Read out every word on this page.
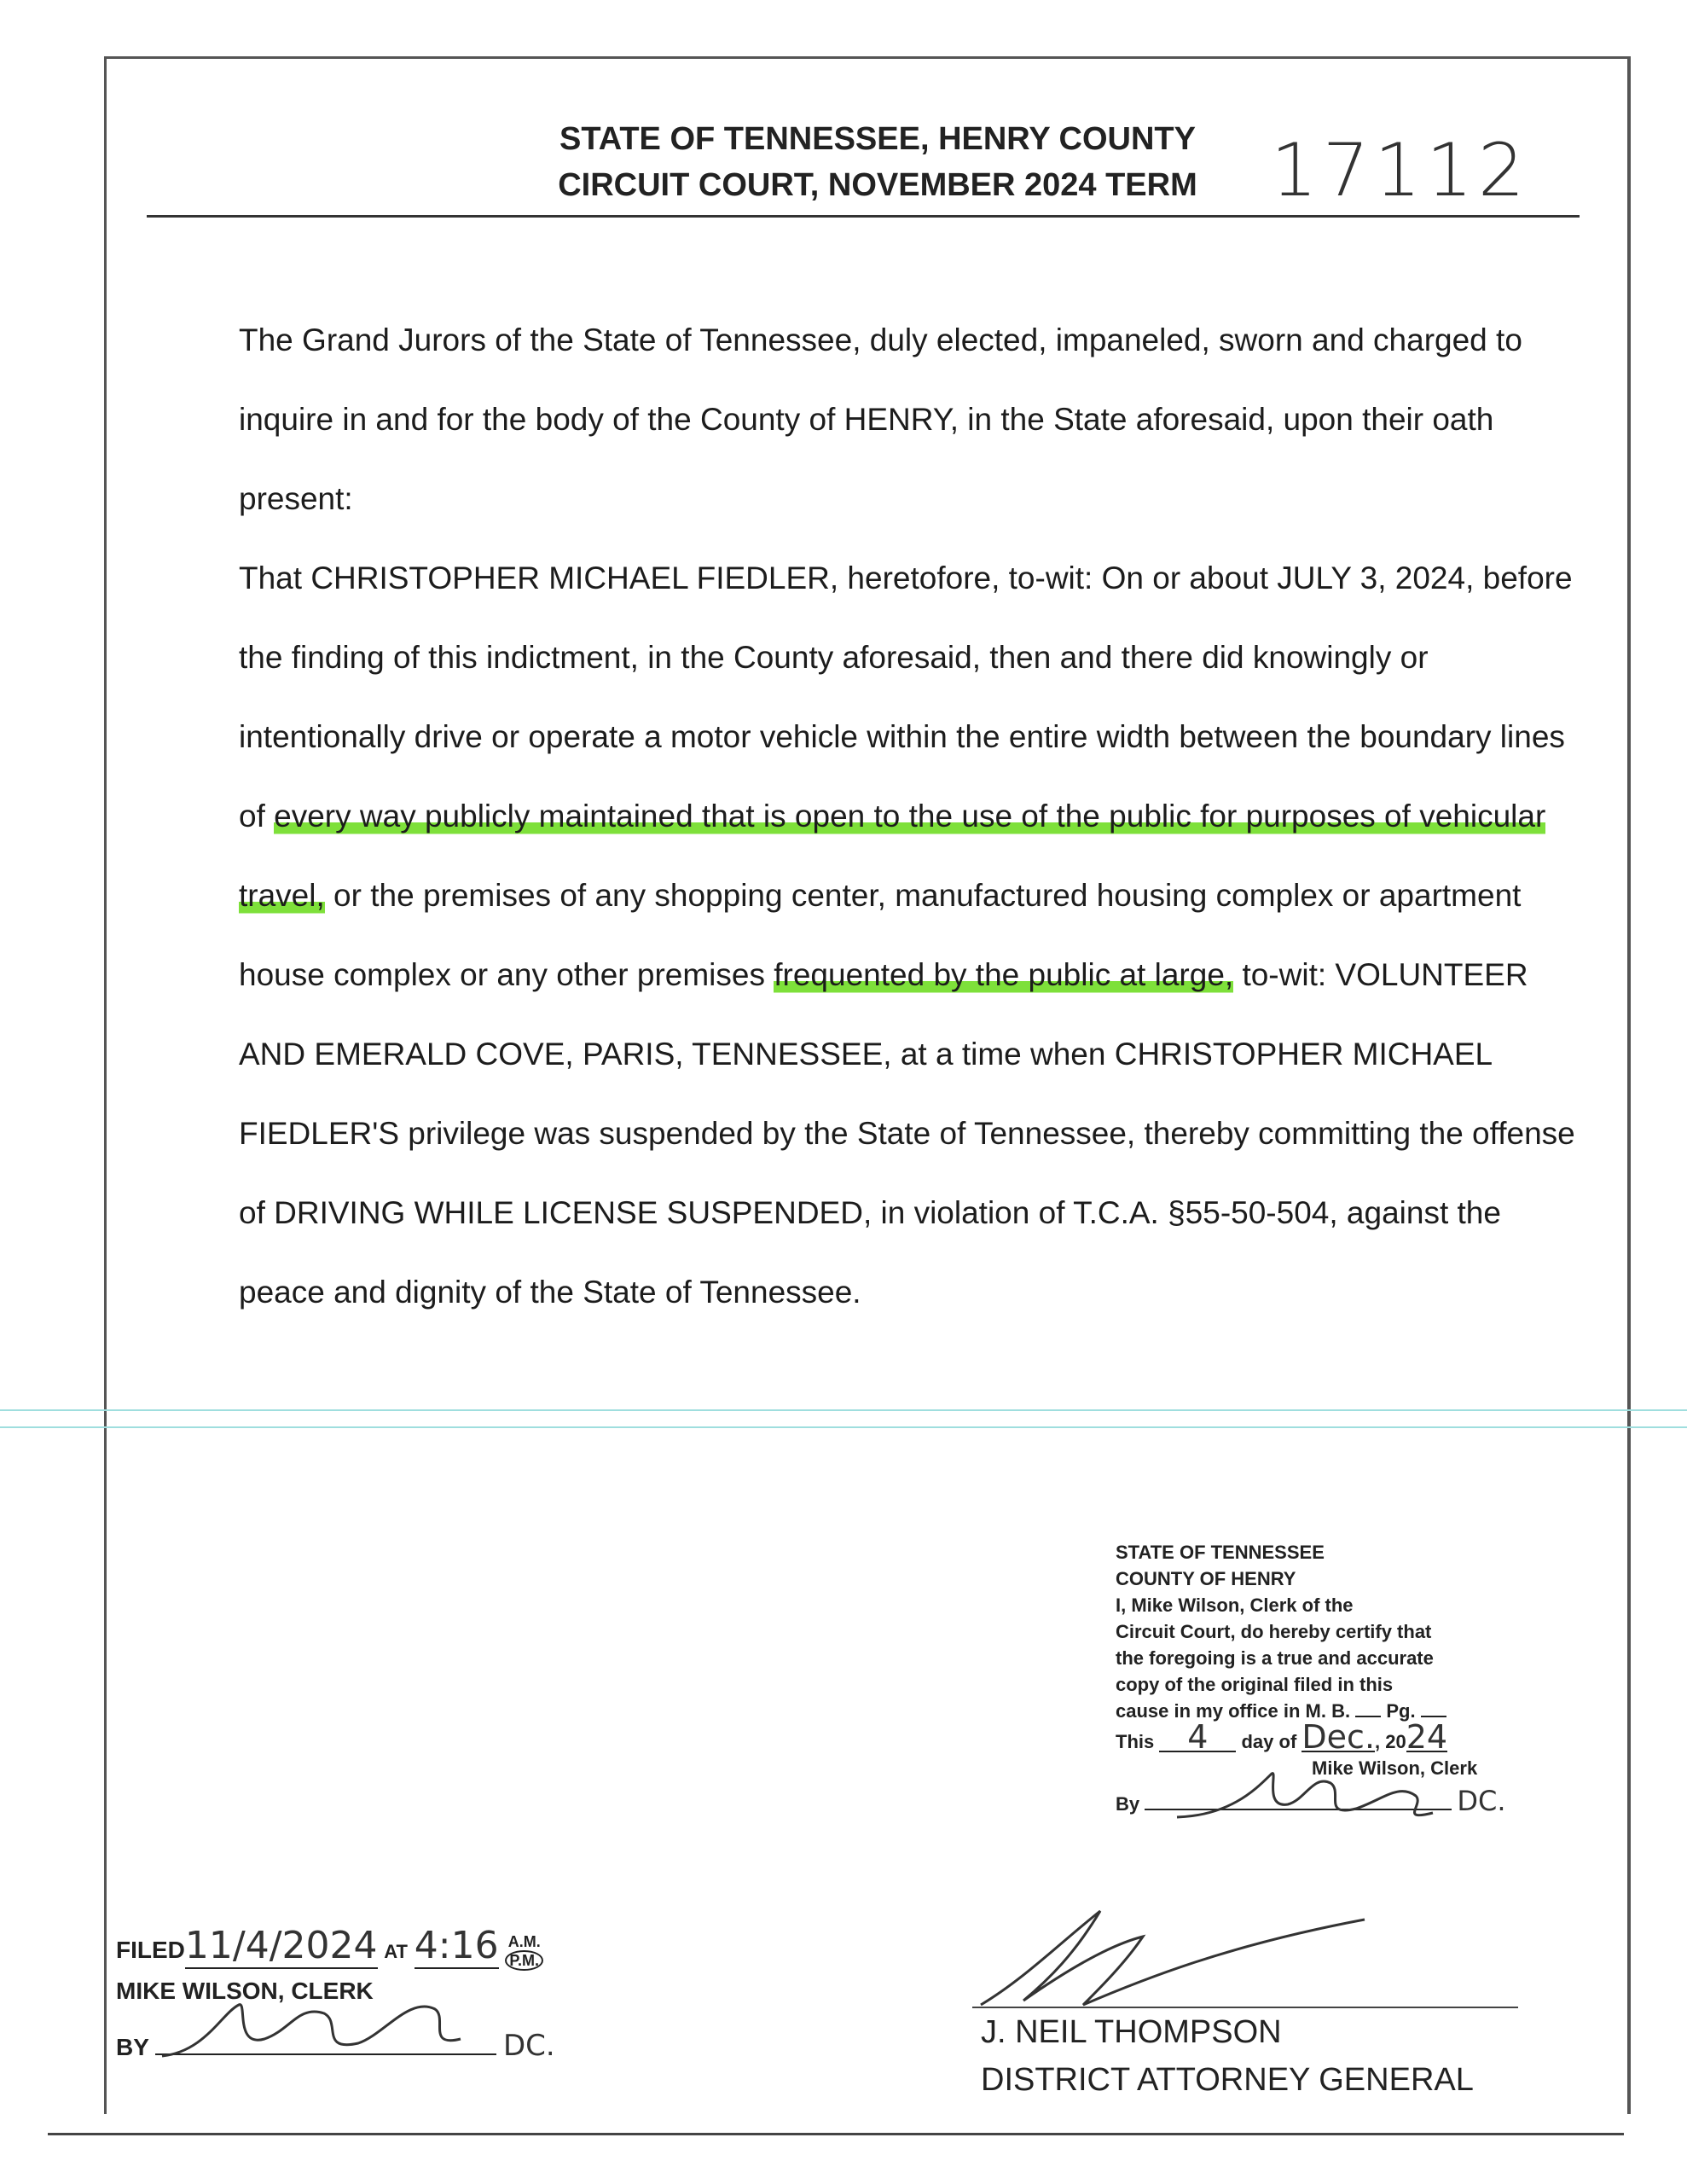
STATE OF TENNESSEE, HENRY COUNTY
CIRCUIT COURT, NOVEMBER 2024 TERM	17112

The Grand Jurors of the State of Tennessee, duly elected, impaneled, sworn and charged to inquire in and for the body of the County of HENRY, in the State aforesaid, upon their oath present:

That CHRISTOPHER MICHAEL FIEDLER, heretofore, to-wit: On or about JULY 3, 2024, before the finding of this indictment, in the County aforesaid, then and there did knowingly or intentionally drive or operate a motor vehicle within the entire width between the boundary lines of every way publicly maintained that is open to the use of the public for purposes of vehicular travel, or the premises of any shopping center, manufactured housing complex or apartment house complex or any other premises frequented by the public at large, to-wit: VOLUNTEER AND EMERALD COVE, PARIS, TENNESSEE, at a time when CHRISTOPHER MICHAEL FIEDLER'S privilege was suspended by the State of Tennessee, thereby committing the offense of DRIVING WHILE LICENSE SUSPENDED, in violation of T.C.A. §55-50-504, against the peace and dignity of the State of Tennessee.

STATE OF TENNESSEE
COUNTY OF HENRY
I, Mike Wilson, Clerk of the
Circuit Court, do hereby certify that
the foregoing is a true and accurate
copy of the original filed in this
cause in my office in M. B. Pg.
This 4 day of Dec., 2024
Mike Wilson, Clerk
By	DC.
FILED11/4/2024 AT 4:16 $\frac{A.M.}{P.M.}$
MIKE WILSON, CLERK
BY	DC.	J. NEIL THOMPSON
DISTRICT ATTORNEY GENERAL
